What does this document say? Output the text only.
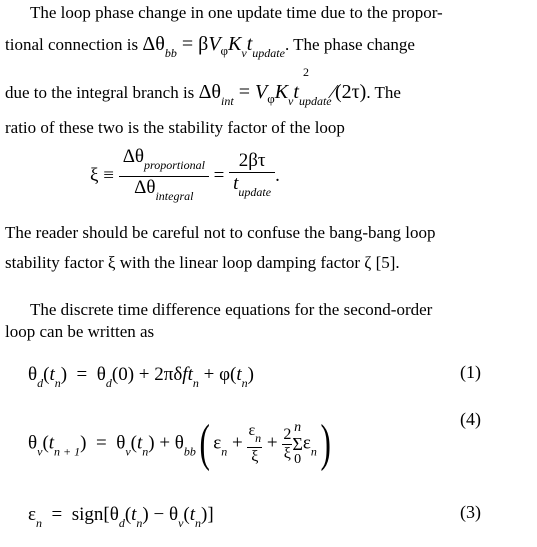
The loop phase change in one update time due to the propor-
tional connection is $\Delta\theta_{bb} = \beta V_\varphi K_vt_{update}$. The phase change
due to the integral branch is $\Delta\theta_{int} = V_\varphi K_vt$
2
$_{update}$⁄(2τ). The
ratio of these two is the stability factor of the loop
$\xi \equiv \frac{\Delta\theta_{proportional}}{\Delta\theta_{integral}} = \frac{2\beta\tau}{t_{update}}$ .
The reader should be careful not to confuse the bang-bang loop
stability factor ξ with the linear loop damping factor ζ [5].
The discrete time difference equations for the second-order
loop can be written as
$\theta_d(t_n) = \theta_d(0) + 2\pi\delta ft_n + \varphi(t_n)$	(1)
(4)
$\theta_v(t_{n + 1}) = \theta_v(t_n) + \theta_{bb}$( $\varepsilon_n + \frac{\varepsilon_n}{\xi} + \frac{2}{\xi}$ n
Σ
0
$\varepsilon_n$)
$\varepsilon_n$  =  $sign[\theta_d(t_n) - \theta_v(t_n)]$	(3)
